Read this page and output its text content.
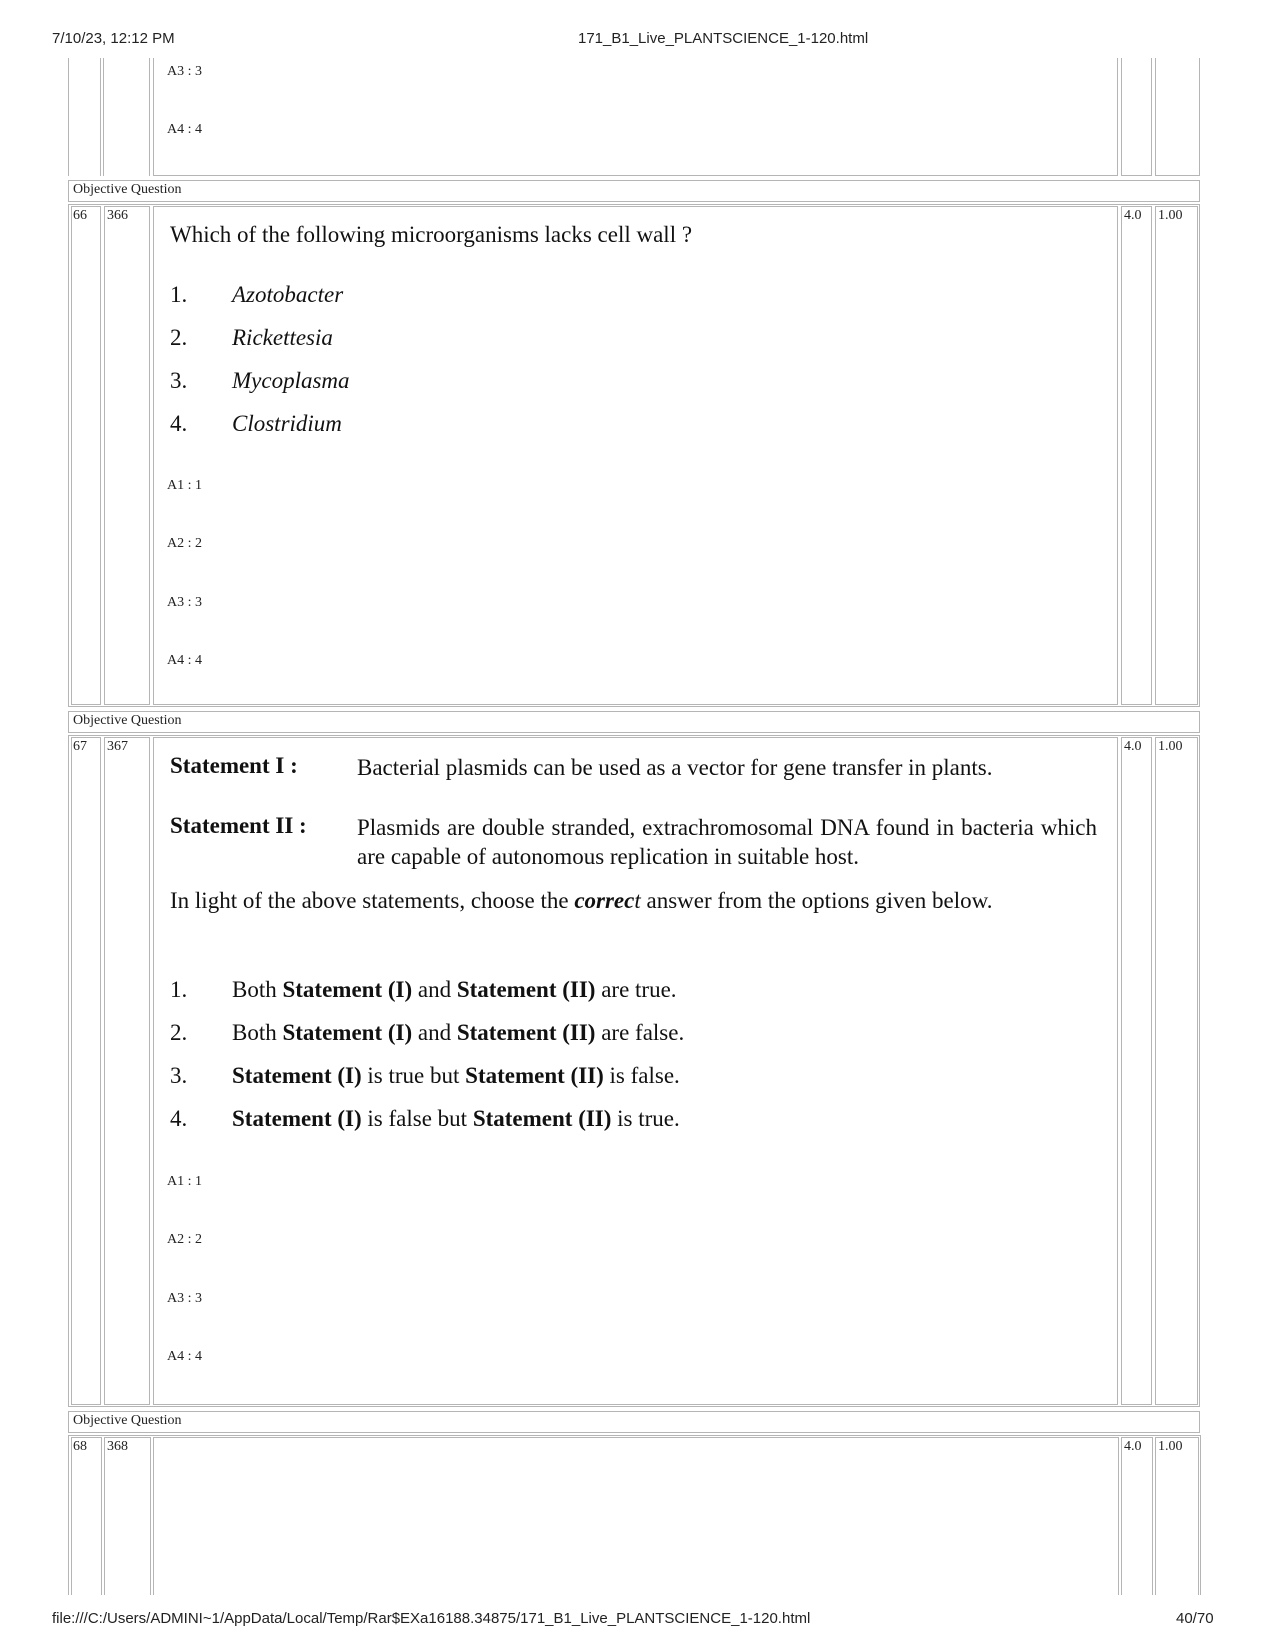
7/10/23, 12:12 PM	171_B1_Live_PLANTSCIENCE_1-120.html
A3 : 3
A4 : 4
Objective Question
66 366	4.0 1.00
Which of the following microorganisms lacks cell wall ?
1. Azotobacter
2. Rickettesia
3. Mycoplasma
4. Clostridium
A1 : 1
A2 : 2
A3 : 3
A4 : 4
Objective Question
67 367	4.0 1.00
Statement I :	Bacterial plasmids can be used as a vector for gene transfer in plants.
Statement II : Plasmids are double stranded, extrachromosomal DNA found in bacteria which are capable of autonomous replication in suitable host.
In light of the above statements, choose the correct answer from the options given below.
1. Both Statement (I) and Statement (II) are true.
2. Both Statement (I) and Statement (II) are false.
3. Statement (I) is true but Statement (II) is false.
4. Statement (I) is false but Statement (II) is true.
A1 : 1
A2 : 2
A3 : 3
A4 : 4
Objective Question
68 368	4.0 1.00
file:///C:/Users/ADMINI~1/AppData/Local/Temp/Rar$EXa16188.34875/171_B1_Live_PLANTSCIENCE_1-120.html	40/70
